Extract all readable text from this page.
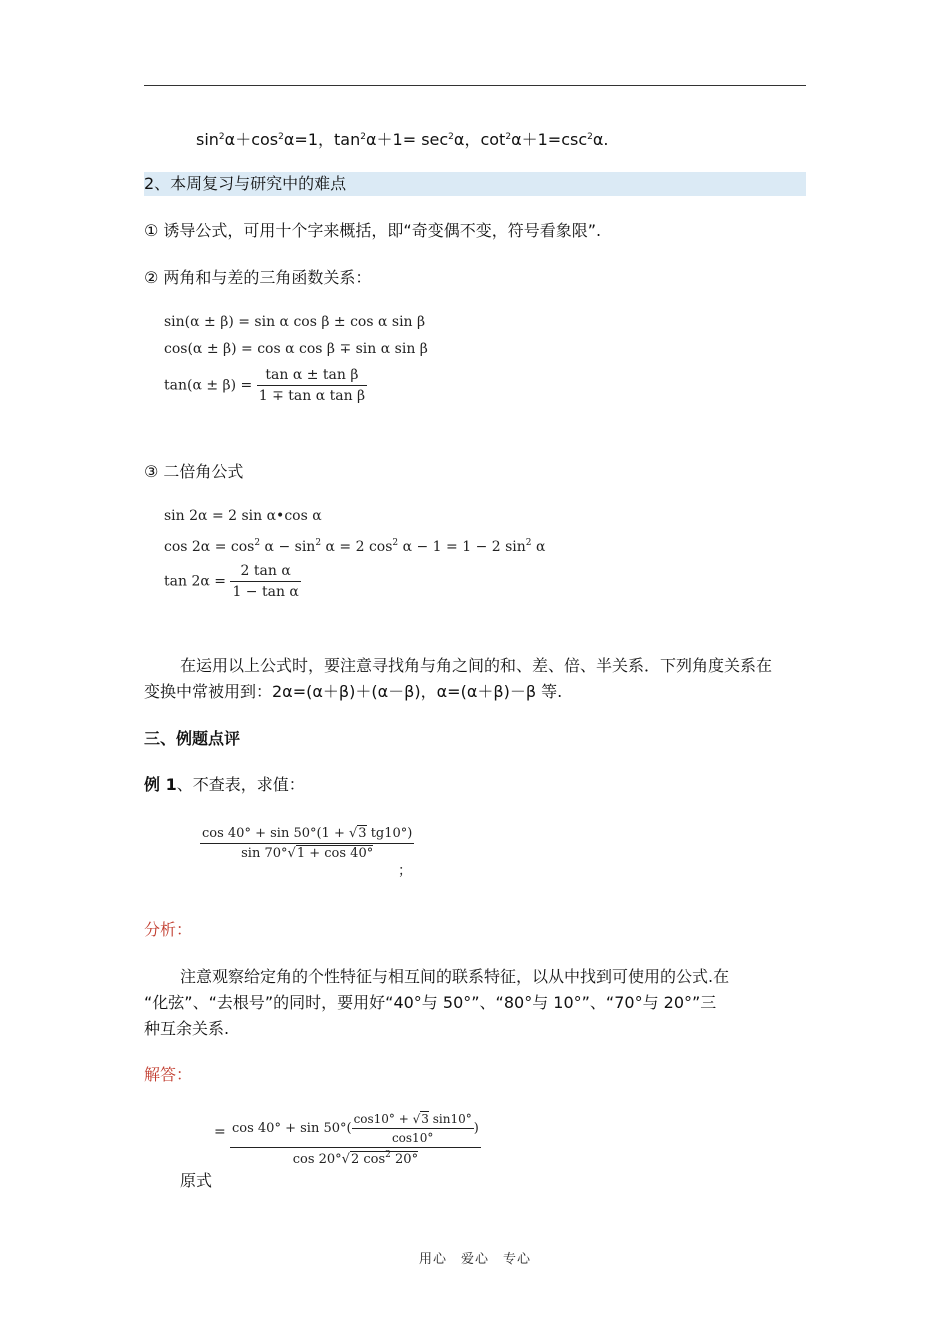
$\sin^2\alpha+\cos^2\alpha=1$，$\tan^2\alpha+1= \sec^2\alpha$，$\cot^2\alpha+1=\csc^2\alpha$.
2、本周复习与研究中的难点
① 诱导公式，可用十个字来概括，即“奇变偶不变，符号看象限”.
② 两角和与差的三角函数关系：
sin(α ± β) = sin α cos β ± cos α sin β
cos(α ± β) = cos α cos β ∓ sin α sin β
$\tan(\alpha \pm \beta) = \frac{\text{tan α ± tan β}}{\text{1 ∓ tan α tan β}}$
③ 二倍角公式
sin 2α = 2 sin α•cos α
$\cos 2\alpha = \cos^2 \alpha - \sin^2 \alpha = 2$ $\cos^2 \alpha - 1 = 1 - 2$ $\sin^2 \alpha$
$\tan 2\alpha = \frac{\text{2 tan α}}{\text{1 − tan α}}$
在运用以上公式时，要注意寻找角与角之间的和、差、倍、半关系．下列角度关系在
变换中常被用到：2α=(α＋β)＋(α－β)，α=(α＋β)－β 等.
三、例题点评
例 1、不查表，求值：
$\frac{\cos 40^\circ + \sin 50^\circ(1 + √3 tg10^\circ)}{\sin 70^\circ√1 + \cos 40^\circ}$
；
分析：
注意观察给定角的个性特征与相互间的联系特征，以从中找到可使用的公式.在
“化弦”、“去根号”的同时，要用好“40°与 50°”、“80°与 10°”、“70°与 20°”三
种互余关系.
解答：
原式
= $\frac{\cos 40^\circ + \sin 50^\circ( \frac{\cos 10^\circ + √3 \sin 10^\circ}{\cos 10^\circ} )}{\cos 20^\circ√2 \cos^2 20^\circ}$
用心　爱心　专心
